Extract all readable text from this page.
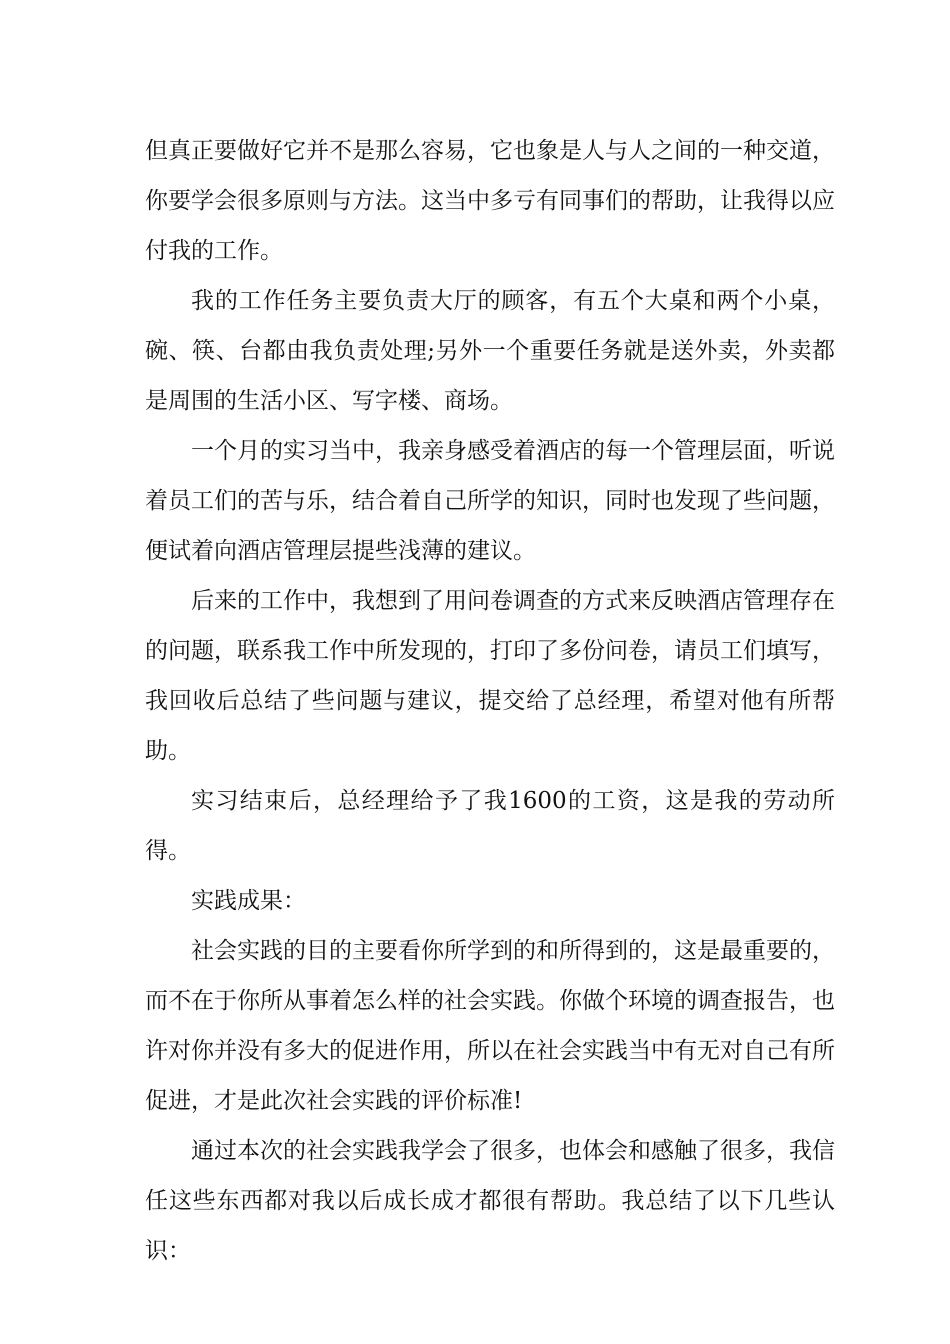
但真正要做好它并不是那么容易，它也象是人与人之间的一种交道，你要学会很多原则与方法。这当中多亏有同事们的帮助，让我得以应付我的工作。

我的工作任务主要负责大厅的顾客，有五个大桌和两个小桌，碗、筷、台都由我负责处理;另外一个重要任务就是送外卖，外卖都是周围的生活小区、写字楼、商场。

一个月的实习当中，我亲身感受着酒店的每一个管理层面，听说着员工们的苦与乐，结合着自己所学的知识，同时也发现了些问题，便试着向酒店管理层提些浅薄的建议。

后来的工作中，我想到了用问卷调查的方式来反映酒店管理存在的问题，联系我工作中所发现的，打印了多份问卷，请员工们填写，我回收后总结了些问题与建议，提交给了总经理，希望对他有所帮助。

实习结束后，总经理给予了我1600的工资，这是我的劳动所得。

实践成果：

社会实践的目的主要看你所学到的和所得到的，这是最重要的，而不在于你所从事着怎么样的社会实践。你做个环境的调查报告，也许对你并没有多大的促进作用，所以在社会实践当中有无对自己有所促进，才是此次社会实践的评价标准!

通过本次的社会实践我学会了很多，也体会和感触了很多，我信任这些东西都对我以后成长成才都很有帮助。我总结了以下几些认识：
